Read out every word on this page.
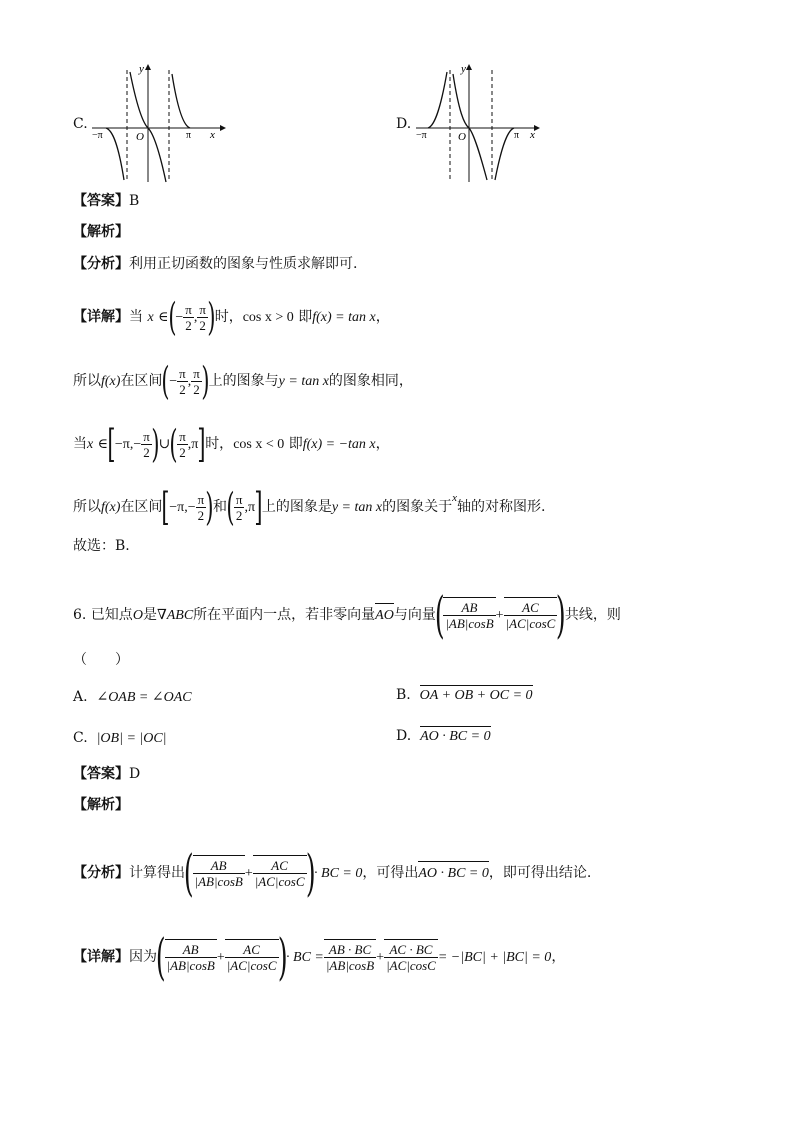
C.
y
x
O
−π	π
D.
y
x
O
−π	π
【答案】B
【解析】
【分析】利用正切函数的图象与性质求解即可.
【详解】当 x ∈(− $\frac{\pi}{2}$ , $\frac{\pi}{2}$ )时，cos x > 0 即f(x) = tan x，
所以f(x)在区间(− $\frac{\pi}{2}$ , $\frac{\pi}{2}$ )上的图象与y = tan x的图象相同，
当x ∈[−π,− $\frac{\pi}{2}$ )∪( $\frac{\pi}{2} ,\pi$]时，cos x < 0 即f(x) = −tan x，
所以f(x)在区间[$-\pi,- \frac{\pi}{2}$ )和( $\frac{\pi}{2} ,\pi$]上的图象是y = tan x的图象关于$^x$轴的对称图形.
故选：B.
6. 已知点O是∇ABC所在平面内一点，若非零向量AO与向量(
$\frac{AB}{|AB|\cos B} + \frac{AC}{|AC|\cos C}$
)共线，则
（　　）
A. ∠OAB = ∠OAC	B. OA + OB + OC = 0
C. |OB| = |OC|	D. AO · BC = 0
【答案】D
【解析】
【分析】计算得出(
$\frac{AB}{|AB|\cos B} + \frac{AC}{|AC|\cos C}$
)· BC = 0，可得出AO · BC = 0，即可得出结论.
【详解】因为(
$\frac{AB}{|AB|\cos B} + \frac{AC}{|AC|\cos C}$
)· BC = $\frac{AB \cdot BC}{|AB|\cos B} + \frac{AC \cdot BC}{|AC|\cos C} = -|BC| + |BC| = 0$，
